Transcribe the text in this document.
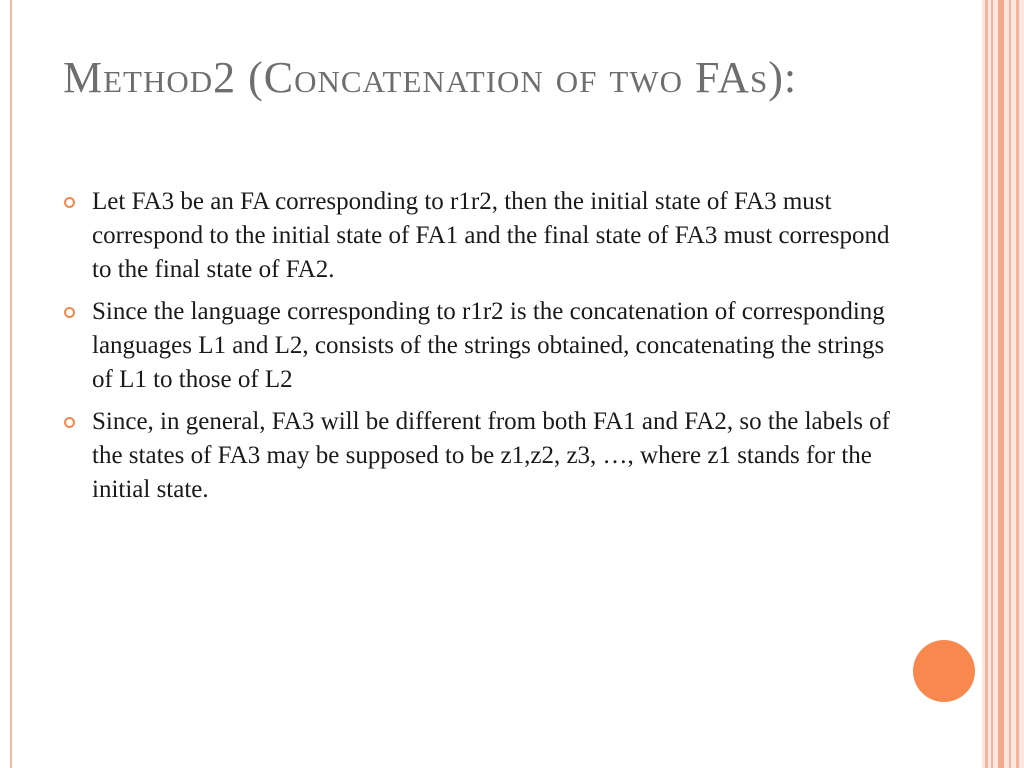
Method2 (Concatenation of two FAs):
Let FA3 be an FA corresponding to r1r2, then the initial state of FA3 must correspond to the initial state of FA1 and the final state of FA3 must correspond to the final state of FA2.
Since the language corresponding to r1r2 is the concatenation of corresponding languages L1 and L2, consists of the strings obtained, concatenating the strings of L1 to those of L2
Since, in general, FA3 will be different from both FA1 and FA2, so the labels of the states of FA3 may be supposed to be z1,z2, z3, …, where z1 stands for the initial state.
